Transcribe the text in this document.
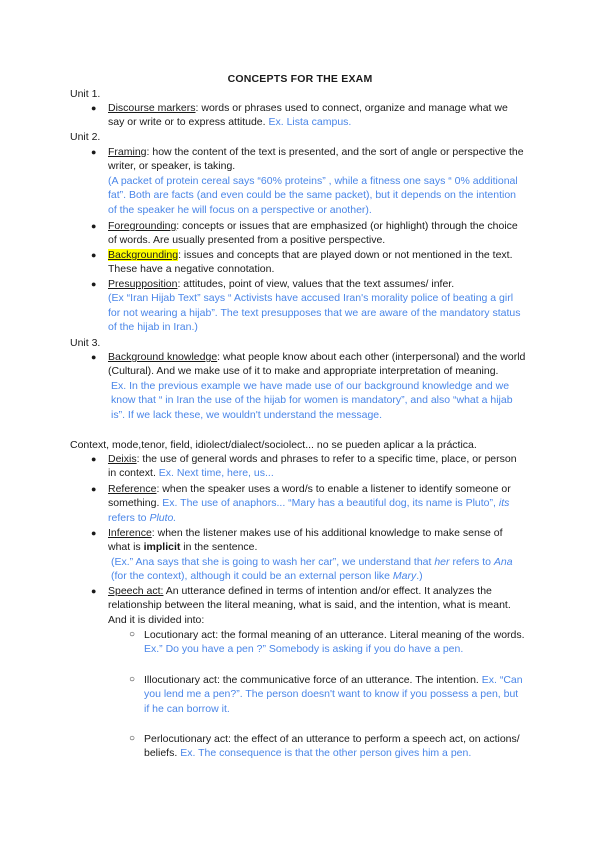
CONCEPTS FOR THE EXAM
Unit 1.
● Discourse markers: words or phrases used to connect, organize and manage what we say or write or to express attitude. Ex. Lista campus.

Unit 2.
● Framing: how the content of the text is presented, and the sort of angle or perspective the writer, or speaker, is taking.

(A packet of protein cereal says “60% proteins” , while a fitness one says “ 0% additional fat”. Both are facts (and even could be the same packet), but it depends on the intention of the speaker he will focus on a perspective or another).

● Foregrounding: concepts or issues that are emphasized (or highlight) through the choice of words. Are usually presented from a positive perspective.

● Backgrounding: issues and concepts that are played down or not mentioned in the text. These have a negative connotation.

● Presupposition: attitudes, point of view, values that the text assumes/ infer.

(Ex “Iran Hijab Text” says “ Activists have accused Iran's morality police of beating a girl for not wearing a hijab”. The text presupposes that we are aware of the mandatory status of the hijab in Iran.)

Unit 3.
● Background knowledge: what people know about each other (interpersonal) and the world (Cultural). And we make use of it to make and appropriate interpretation of meaning.

Ex. In the previous example we have made use of our background knowledge and we know that “ in Iran the use of the hijab for women is mandatory”, and also “what a hijab is”. If we lack these, we wouldn't understand the message.

Context, mode,tenor, field, idiolect/dialect/sociolect... no se pueden aplicar a la práctica.
● Deixis: the use of general words and phrases to refer to a specific time, place, or person in context. Ex. Next time, here, us...

● Reference: when the speaker uses a word/s to enable a listener to identify someone or something. Ex. The use of anaphors... “Mary has a beautiful dog, its name is Pluto”, its refers to Pluto.

● Inference: when the listener makes use of his additional knowledge to make sense of what is implicit in the sentence.

(Ex.” Ana says that she is going to wash her car”, we understand that her refers to Ana (for the context), although it could be an external person like Mary.)

● Speech act: An utterance defined in terms of intention and/or effect. It analyzes the relationship between the literal meaning, what is said, and the intention, what is meant. And it is divided into:

○ Locutionary act: the formal meaning of an utterance. Literal meaning of the words. Ex.” Do you have a pen ?” Somebody is asking if you do have a pen.

○ Illocutionary act: the communicative force of an utterance. The intention. Ex. “Can you lend me a pen?”. The person doesn't want to know if you possess a pen, but if he can borrow it.

○ Perlocutionary act: the effect of an utterance to perform a speech act, on actions/ beliefs. Ex. The consequence is that the other person gives him a pen.
